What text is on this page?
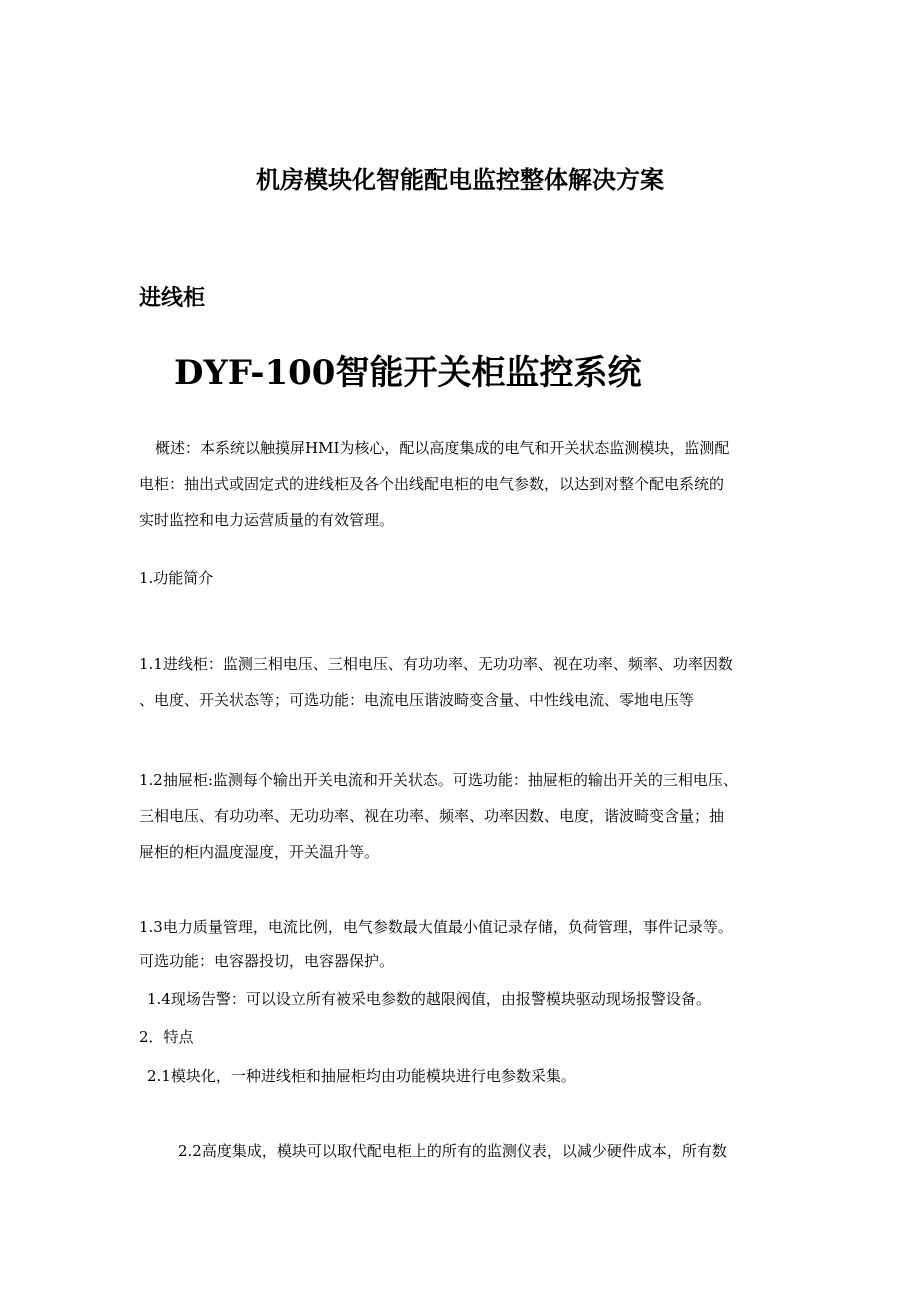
机房模块化智能配电监控整体解决方案
进线柜
DYF-100智能开关柜监控系统
概述：本系统以触摸屏HMI为核心，配以高度集成的电气和开关状态监测模块，监测配
电柜：抽出式或固定式的进线柜及各个出线配电柜的电气参数，以达到对整个配电系统的
实时监控和电力运营质量的有效管理。
1.功能简介
1.1进线柜：监测三相电压、三相电压、有功功率、无功功率、视在功率、频率、功率因数
、电度、开关状态等；可选功能：电流电压谐波畸变含量、中性线电流、零地电压等
1.2抽屉柜:监测每个输出开关电流和开关状态。可选功能：抽屉柜的输出开关的三相电压、
三相电压、有功功率、无功功率、视在功率、频率、功率因数、电度，谐波畸变含量；抽
屉柜的柜内温度湿度，开关温升等。
1.3电力质量管理，电流比例，电气参数最大值最小值记录存储，负荷管理，事件记录等。
可选功能：电容器投切，电容器保护。
1.4现场告警：可以设立所有被采电参数的越限阀值，由报警模块驱动现场报警设备。
2．特点
2.1模块化，一种进线柜和抽屉柜均由功能模块进行电参数采集。
2.2高度集成，模块可以取代配电柜上的所有的监测仪表，以减少硬件成本，所有数
